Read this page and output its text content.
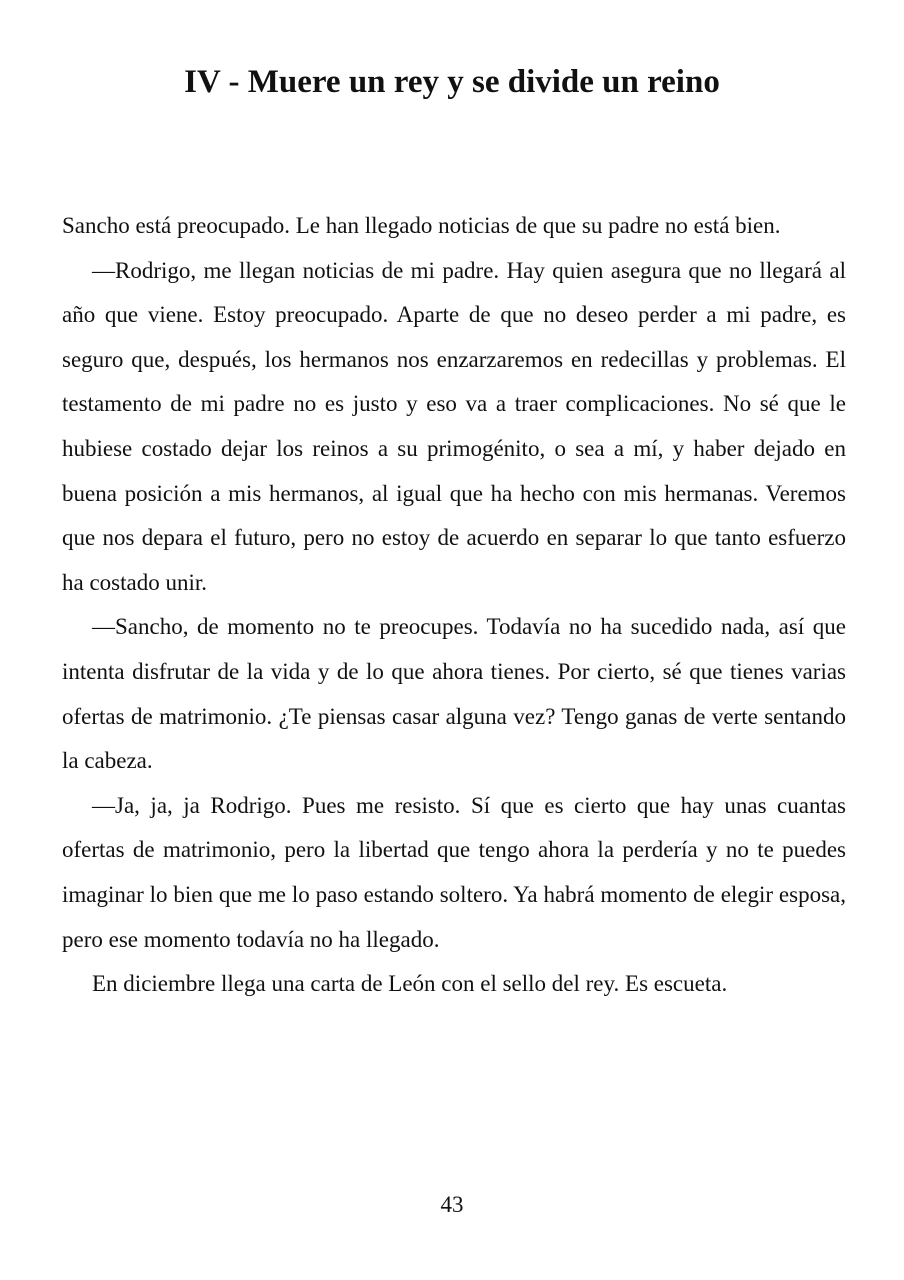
IV - Muere un rey y se divide un reino

Sancho está preocupado. Le han llegado noticias de que su padre no está bien.

—Rodrigo, me llegan noticias de mi padre. Hay quien asegura que no llegará al año que viene. Estoy preocupado. Aparte de que no deseo perder a mi padre, es seguro que, después, los hermanos nos enzarzaremos en redecillas y problemas. El testamento de mi padre no es justo y eso va a traer complicaciones. No sé que le hubiese costado dejar los reinos a su primogénito, o sea a mí, y haber dejado en buena posición a mis hermanos, al igual que ha hecho con mis hermanas. Veremos que nos depara el futuro, pero no estoy de acuerdo en separar lo que tanto esfuerzo ha costado unir.

—Sancho, de momento no te preocupes. Todavía no ha sucedido nada, así que intenta disfrutar de la vida y de lo que ahora tienes. Por cierto, sé que tienes varias ofertas de matrimonio. ¿Te piensas casar alguna vez? Tengo ganas de verte sentando la cabeza.

—Ja, ja, ja Rodrigo. Pues me resisto. Sí que es cierto que hay unas cuantas ofertas de matrimonio, pero la libertad que tengo ahora la perdería y no te puedes imaginar lo bien que me lo paso estando soltero. Ya habrá momento de elegir esposa, pero ese momento todavía no ha llegado.

En diciembre llega una carta de León con el sello del rey. Es escueta.

43
